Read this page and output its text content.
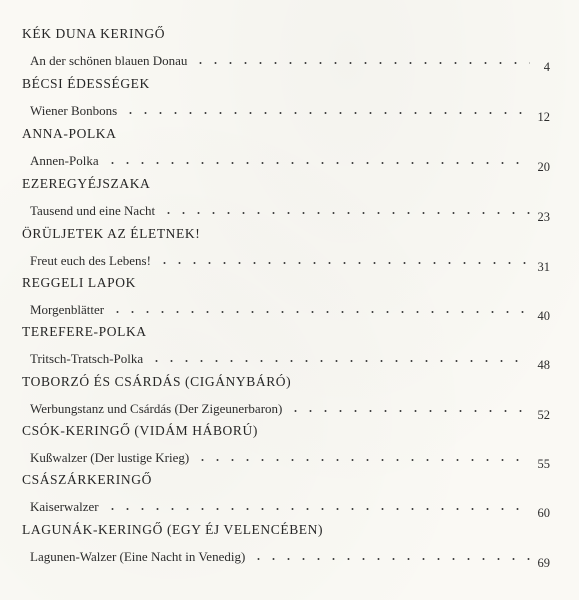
KÉK DUNA KERINGŐ
An der schönen blauen Donau	4
BÉCSI ÉDESSÉGEK
Wiener Bonbons	12
ANNA-POLKA
Annen-Polka	20
EZEREGYÉJSZAKA
Tausend und eine Nacht	23
ÖRÜLJETEK AZ ÉLETNEK!
Freut euch des Lebens!	31
REGGELI LAPOK
Morgenblätter	40
TEREFERE-POLKA
Tritsch-Tratsch-Polka	48
TOBORZÓ ÉS CSÁRDÁS (CIGÁNYBÁRÓ)
Werbungstanz und Csárdás (Der Zigeunerbaron)	52
CSÓK-KERINGŐ (VIDÁM HÁBORÚ)
Kußwalzer (Der lustige Krieg)	55
CSÁSZÁRKERINGŐ
Kaiserwalzer	60
LAGUNÁK-KERINGŐ (EGY ÉJ VELENCÉBEN)
Lagunen-Walzer (Eine Nacht in Venedig)	69
